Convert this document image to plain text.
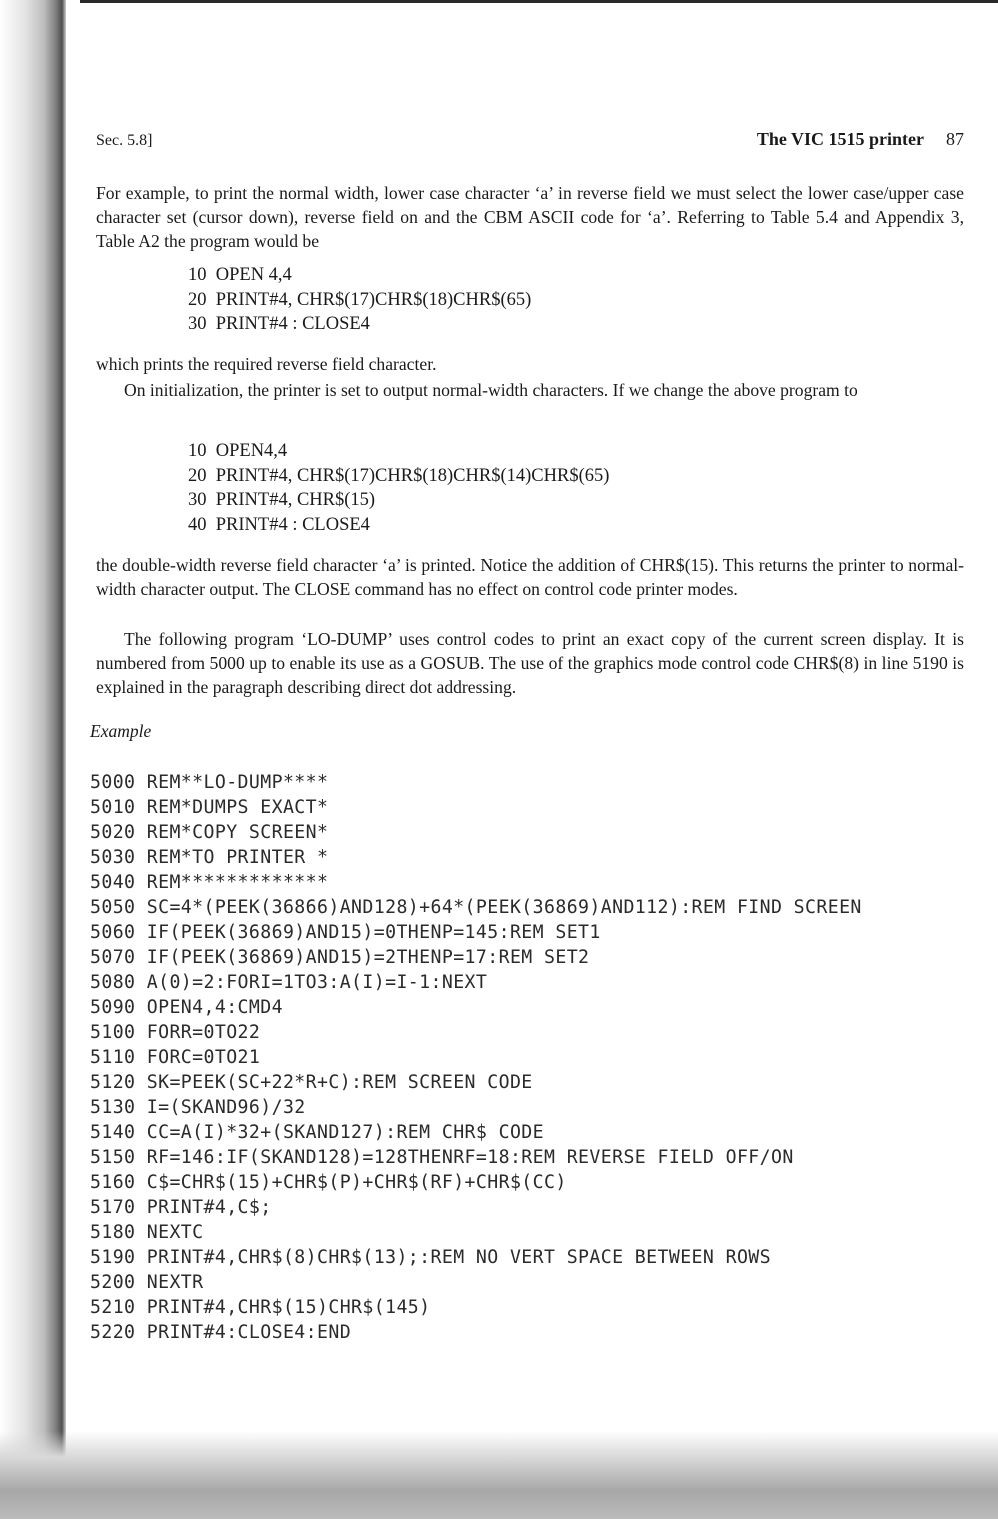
Sec. 5.8]	The VIC 1515 printer 87

For example, to print the normal width, lower case character ‘a’ in reverse field we must select the lower case/upper case character set (cursor down), reverse field on and the CBM ASCII code for ‘a’. Referring to Table 5.4 and Appendix 3, Table A2 the program would be

10  OPEN 4,4
20  PRINT#4, CHR$(17)CHR$(18)CHR$(65)
30  PRINT#4 : CLOSE4

which prints the required reverse field character.

On initialization, the printer is set to output normal-width characters. If we change the above program to

10  OPEN4,4
20  PRINT#4, CHR$(17)CHR$(18)CHR$(14)CHR$(65)
30  PRINT#4, CHR$(15)
40  PRINT#4 : CLOSE4

the double-width reverse field character ‘a’ is printed. Notice the addition of CHR$(15). This returns the printer to normal-width character output. The CLOSE command has no effect on control code printer modes.

The following program ‘LO-DUMP’ uses control codes to print an exact copy of the current screen display. It is numbered from 5000 up to enable its use as a GOSUB. The use of the graphics mode control code CHR$(8) in line 5190 is explained in the paragraph describing direct dot addressing.

Example
5000 REM**LO-DUMP****
5010 REM*DUMPS EXACT*
5020 REM*COPY SCREEN*
5030 REM*TO PRINTER *
5040 REM*************
5050 SC=4*(PEEK(36866)AND128)+64*(PEEK(36869)AND112):REM FIND SCREEN
5060 IF(PEEK(36869)AND15)=0THENP=145:REM SET1
5070 IF(PEEK(36869)AND15)=2THENP=17:REM SET2
5080 A(0)=2:FORI=1TO3:A(I)=I-1:NEXT
5090 OPEN4,4:CMD4
5100 FORR=0TO22
5110 FORC=0TO21
5120 SK=PEEK(SC+22*R+C):REM SCREEN CODE
5130 I=(SKAND96)/32
5140 CC=A(I)*32+(SKAND127):REM CHR$ CODE
5150 RF=146:IF(SKAND128)=128THENRF=18:REM REVERSE FIELD OFF/ON
5160 C$=CHR$(15)+CHR$(P)+CHR$(RF)+CHR$(CC)
5170 PRINT#4,C$;
5180 NEXTC
5190 PRINT#4,CHR$(8)CHR$(13);:REM NO VERT SPACE BETWEEN ROWS
5200 NEXTR
5210 PRINT#4,CHR$(15)CHR$(145)
5220 PRINT#4:CLOSE4:END
